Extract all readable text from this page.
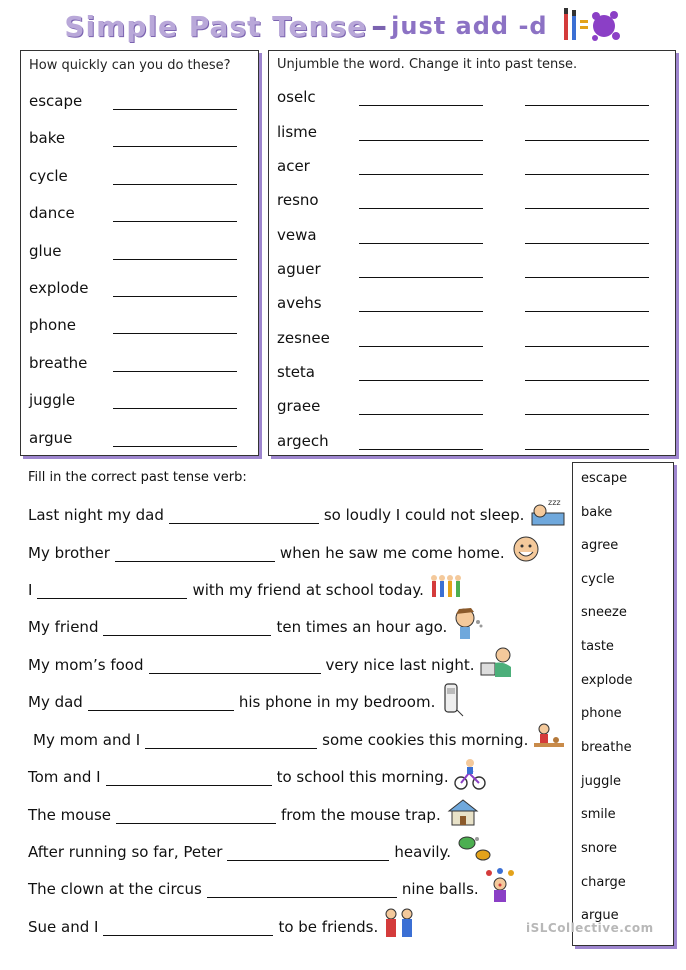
Simple Past Tense – just add -d
How quickly can you do these?
escape
bake
cycle
dance
glue
explode
phone
breathe
juggle
argue
Unjumble the word. Change it into past tense.
oselc
lisme
acer
resno
vewa
aguer
avehs
zesnee
steta
graee
argech
Fill in the correct past tense verb:
Last night my dad	so loudly I could not sleep.
zzz
My brother	when he saw me come home.
I	with my friend at school today.
My friend	ten times an hour ago.
My mom’s food	very nice last night.
My dad	his phone in my bedroom.
My mom and I	some cookies this morning.
Tom and I	to school this morning.
The mouse	from the mouse trap.
After running so far, Peter	heavily.
The clown at the circus	nine balls.
Sue and I	to be friends.
escape
bake
agree
cycle
sneeze
taste
explode
phone
breathe
juggle
smile
snore
charge
argue
iSLCollective.com
